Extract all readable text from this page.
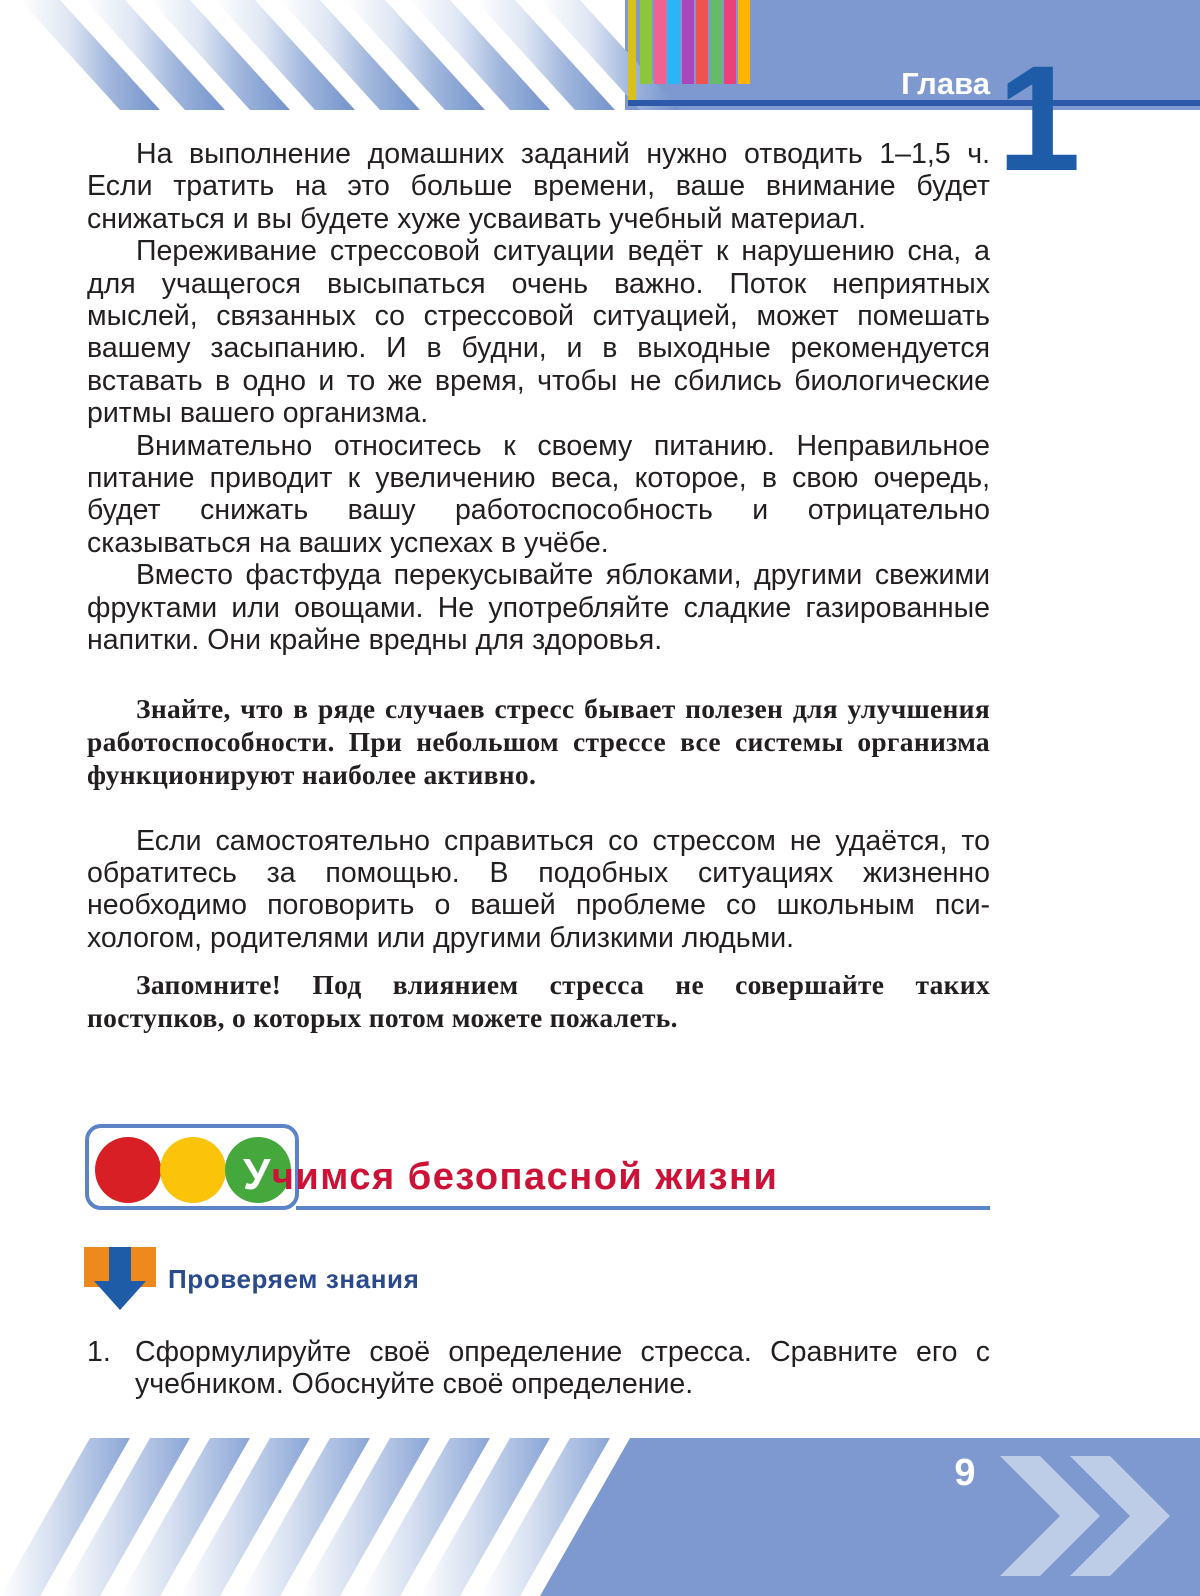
Глава 1

На выполнение домашних заданий нужно отводить 1–1,5 ч. Если тратить на это больше времени, ваше внимание будет снижаться и вы будете хуже усваивать учебный материал.

Переживание стрессовой ситуации ведёт к нарушению сна, а для учащегося высыпаться очень важно. Поток неприятных мыслей, связанных со стрессовой ситуацией, может помешать вашему засыпанию. И в будни, и в выходные рекомендуется вставать в одно и то же время, чтобы не сбились биологические ритмы вашего организма.

Внимательно относитесь к своему питанию. Неправильное питание приводит к увеличению веса, которое, в свою очередь, будет снижать вашу работоспособность и отрицательно сказываться на ваших успехах в учёбе.

Вместо фастфуда перекусывайте яблоками, другими свежими фруктами или овощами. Не употребляйте сладкие газированные напитки. Они крайне вредны для здоровья.

Знайте, что в ряде случаев стресс бывает полезен для улучшения работоспособности. При небольшом стрессе все системы организма функционируют наиболее активно.

Если самостоятельно справиться со стрессом не удаётся, то обратитесь за помощью. В подобных ситуациях жизненно необходимо поговорить о вашей проблеме со школьным психологом, родителями или другими близкими людьми.

Запомните! Под влиянием стресса не совершайте таких поступков, о которых потом можете пожалеть.

Учимся безопасной жизни
Проверяем знания
1. Сформулируйте своё определение стресса. Сравните его с учебником. Обоснуйте своё определение.
9
